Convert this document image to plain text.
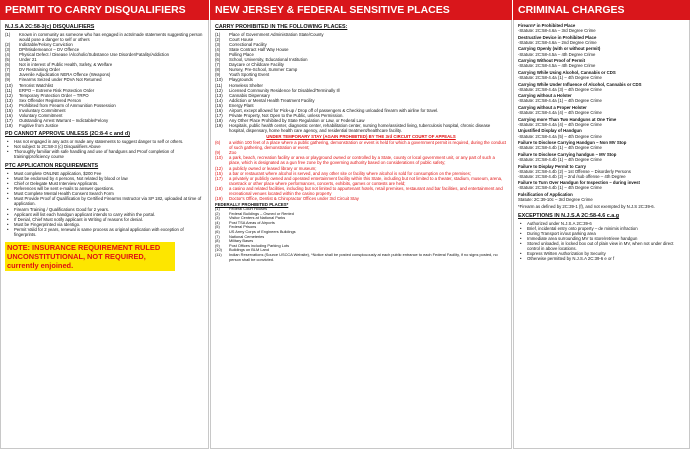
PERMIT TO CARRY DISQUALIFIERS
N.J.S.A 2C:58-3(c) DISQUALIFIERS
(1)	Known in community as someone who has engaged in acts/made statements suggesting person would pose a danger to self or others
(2)	Indictable/Felony Conviction
(3)	DP/Misdemeanor – DV Offence
(4)	Physical Defect / Disease /Alcoholic/Substance Use Disorder/Fatality/Addiction
(5)	Under 21
(6)	Not in interest of Public Health, Safety, & Welfare
(7)	DV Restraining Order
(8)	Juvenile Adjudication NERA Offence (Weapons)
(9)	Firearms Seized under PDVA Not Returned
(10)	Terrorist Watchlist
(11)	ERPO – Extreme Risk Protection Order
(12)	Temporary Protection Order – TRPO
(13)	Sex Offender Registered Person
(14)	Prohibited from Firearm of Ammunition Possession
(15)	Involuntary Commitment
(16)	Voluntary Commitment
(17)	Outstanding Arrest Warrant – Indictable/Felony
(18)	Fugitive from Justice
PD CANNOT APPROVE UNLESS (2C:8-4 c and d)
• Has not engaged in any acts or made any statements to suggest danger to self or others.
• Not subject to 2C:58-3 (c) Disqualifiers Above
• Thoroughly familiar with safe handling and use of handguns and Proof completion of training/proficiency course
PTC APPLICATION REQUIREMENTS
• Must complete ONLINE application, $200 Fee
• Must be endorsed by 4 persons, Not related by blood or law
• Chief or Delegate Must Interview Applicants.
• References will be sent e-mails to answer questions.
• Must Complete Mental Health Consent Search Form
• Must Provide Proof of Qualification by Certified Firearms Instructor via SP 182, uploaded at time of application.
• Firearm Training / Qualifications Good for 2 years.
• Applicant will list each handgun applicant intends to carry within the portal.
• If Denial, Chief Must notify applicant in Writing of reasons for denial.
• Must be Fingerprinted via Identigo.
• Permit Valid for 2 years, renewal is same process as original application with exception of fingerprints.
NOTE: INSURANCE REQUIREMENT RULED UNCONSTITUTIONAL, NOT REQUIRED, currently enjoined.
NEW JERSEY & FEDERAL SENSITIVE PLACES
CARRY PROHIBITED IN THE FOLLOWING PLACES:
(1)	Place of Government Administration State/County
(2)	Court House
(3)	Correctional Facility
(4)	State Contract Half Way House
(5)	Polling Place
(6)	School, University, Educational Institution
(7)	Daycare or Childcare Facility
(8)	Nursey, Pre-School, Summer Camp
(9)	Youth Sporting Event
(10)	Playgrounds
(11)	Homeless Shelter
(12)	Licensed Community Residence for Disabled/Terminally Ill
(13)	Cannabis Dispensary
(14)	Addiction or Mental Health Treatment Facility
(15)	Energy Plant
(16)	Airport, except allowed for Pick-up / Drop off of passengers & Checking unloaded firearm with airline for travel.
(17)	Private Property, Not Open to the Public, unless Permission.
(18)	Any Other Place Prohibited by State Regulation or Law, or Federal Law
(19)	Hospitals, public health center, diagnostic center, rehabilitation center, nursing home/assisted living, tuberculosis hospital, chronic disease hospital, dispensary, home health care agency, and residential treatment/healthcare facility.
UNDER TEMPORARY STAY (AGAIN PROHIBITED) BY THE 3rd CIRCUIT COURT OF APPEALS
(6)	a within 100 feet of a place where a public gathering, demonstration or event is held for which a government permit is required, during the conduct of such gathering, demonstration or event;
(9)	Zoo
(10)	a park, beach, recreation facility or area or playground owned or controlled by a State, county or local government unit, or any part of such a place, which is designated as a gun free zone by the governing authority based on considerations of public safety;
(12)	a publicly owned or leased library or museum;
(15)	a bar or restaurant where alcohol is served, and any other site or facility where alcohol is sold for consumption on the premises;
(17)	a privately or publicly owned and operated entertainment facility within this State, including but not limited to a theater, stadium, museum, arena, racetrack or other place where performances, concerts, exhibits, games or contests are held;
(18)	a casino and related facilities, including but not limited to appurtenant hotels, retail premises, restaurant and bar facilities, and entertainment and recreational venues located within the casino property
(19)	Doctor's Office, Dentist & Chiropractor Offices under 3rd Circuit Stay
FEDERALLY PROHIBITED PLACES*
(1)	Federal Court Houses
(2)	Federal Buildings – Owned or Rented
(3)	Visitor Centers at National Parks
(4)	Post TSA Areas of Airports
(5)	Federal Prisons
(6)	US Army Corps of Engineers Buildings
(7)	National Cemeteries
(8)	Military Bases
(9)	Post Offices including Parking Lots
(10)	Buildings on BLM Land
(11)	Indian Reservations (Source USCCA Website), *Notice shall be posted conspicuously at each public entrance to each Federal Facility, if no signs posted, no person shall be convicted.
CRIMINAL CHARGES
Firearm* in Prohibited Place
-Statute: 2C:58-4.6a – 3rd Degree Crime
Destructive Device in Prohibited Place
-Statute: 2C:58-4.6a – 2nd Degree Crime
Carrying Openly (with or without permit)
-Statute: 2C:58-4.5a – 4th Degree Crime
Carrying Without Proof of Permit
-Statute: 2C:58-4.5a – 4th Degree Crime
Carrying While Using Alcohol, Cannabis or CDS
-Statute: 2C:58-4.4a (1) – 4th Degree Crime
Carrying While Under Influence of Alcohol, Cannabis or CDS
-Statute: 2C:58-4.4a (3) – 4th Degree Crime
Carrying without a Holster
-Statute: 2C:58-4.4a (1) – 4th Degree Crime
Carrying without a Proper Holster
-Statute: 2C:58-4.4a (4) – 4th Degree Crime
Carrying more Than Two Handguns at One Time
-Statute: 2C:58-4.4a (4) – 4th Degree Crime
Unjustified Display of Handgun
-Statute: 2C:58-4.4a (5) – 4th Degree Crime
Failure to Disclose Carrying Handgun – Non MV Stop
-Statute: 2C:58-4.4b (1) – 4th Degree Crime
Failure to Disclose Carrying handgun – MV Stop
-Statute: 2C:58-4.4b (1) – 4th Degree Crime
Failure to Display Permit to Carry
-Statute: 2C:58-4.4b (2) – 1st Offense – Disorderly Persons
-Statute: 2C:58-4.4b (2) – 2nd /sub offense – 4th Degree
Failure to Turn Over Handgun for Inspection – during invest
-Statute: 2C:58-4.4b (1) – 4th Degree Crime
Falsification of Application
Statute: 2C:39-10c – 3rd Degree Crime
*Firearm as defined by 2C:39-1 (f), and not exempted by N.J.S 2C:39-6.
EXCEPTIONS IN N.J.S.A 2C:58-4.6 c.a.g
• Authorized under N.J.S.A 2C:39-6
• Brief, incidental entry onto property – de minimis infraction
• During Transport in/out parking area
• Immediate area surrounding MV to store/retrieve handgun
• Stored unloaded, in locked box out of plain view in MV, when not under direct control in above locations.
• Express Written Authorization by Security
• Otherwise permitted by N.J.S.A 2C:39-6 e or f
